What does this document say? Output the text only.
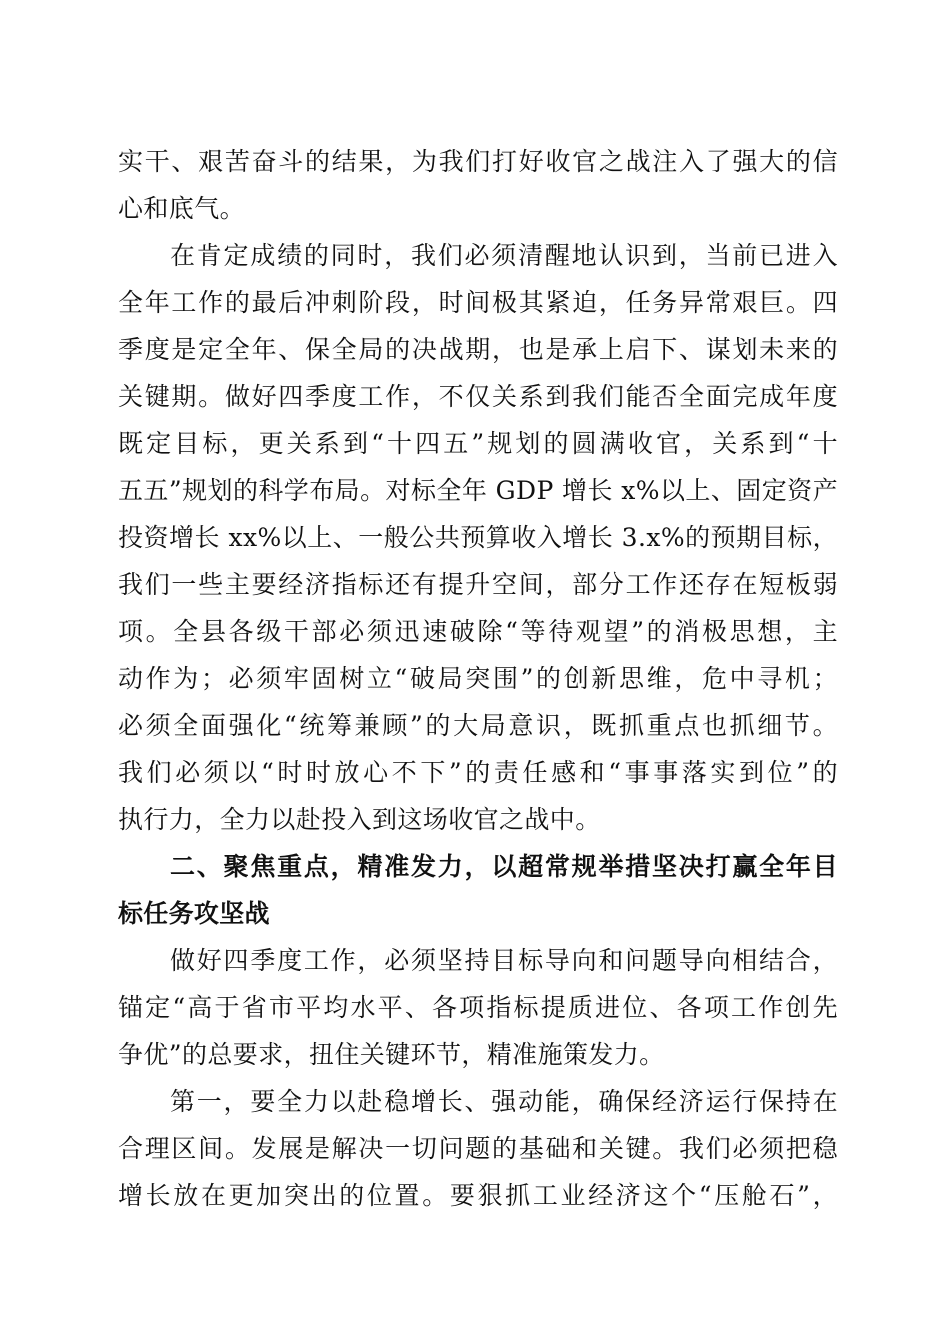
实干、艰苦奋斗的结果，为我们打好收官之战注入了强大的信

心和底气。

在肯定成绩的同时，我们必须清醒地认识到，当前已进入

全年工作的最后冲刺阶段，时间极其紧迫，任务异常艰巨。四

季度是定全年、保全局的决战期，也是承上启下、谋划未来的

关键期。做好四季度工作，不仅关系到我们能否全面完成年度

既定目标，更关系到“十四五”规划的圆满收官，关系到“十

五五”规划的科学布局。对标全年 GDP 增长 x%以上、固定资产

投资增长 xx%以上、一般公共预算收入增长 3.x%的预期目标，

我们一些主要经济指标还有提升空间，部分工作还存在短板弱

项。全县各级干部必须迅速破除“等待观望”的消极思想，主

动作为；必须牢固树立“破局突围”的创新思维，危中寻机；

必须全面强化“统筹兼顾”的大局意识，既抓重点也抓细节。

我们必须以“时时放心不下”的责任感和“事事落实到位”的

执行力，全力以赴投入到这场收官之战中。

二、聚焦重点，精准发力，以超常规举措坚决打赢全年目

标任务攻坚战

做好四季度工作，必须坚持目标导向和问题导向相结合，

锚定“高于省市平均水平、各项指标提质进位、各项工作创先

争优”的总要求，扭住关键环节，精准施策发力。

第一，要全力以赴稳增长、强动能，确保经济运行保持在

合理区间。发展是解决一切问题的基础和关键。我们必须把稳

增长放在更加突出的位置。要狠抓工业经济这个“压舱石”，
